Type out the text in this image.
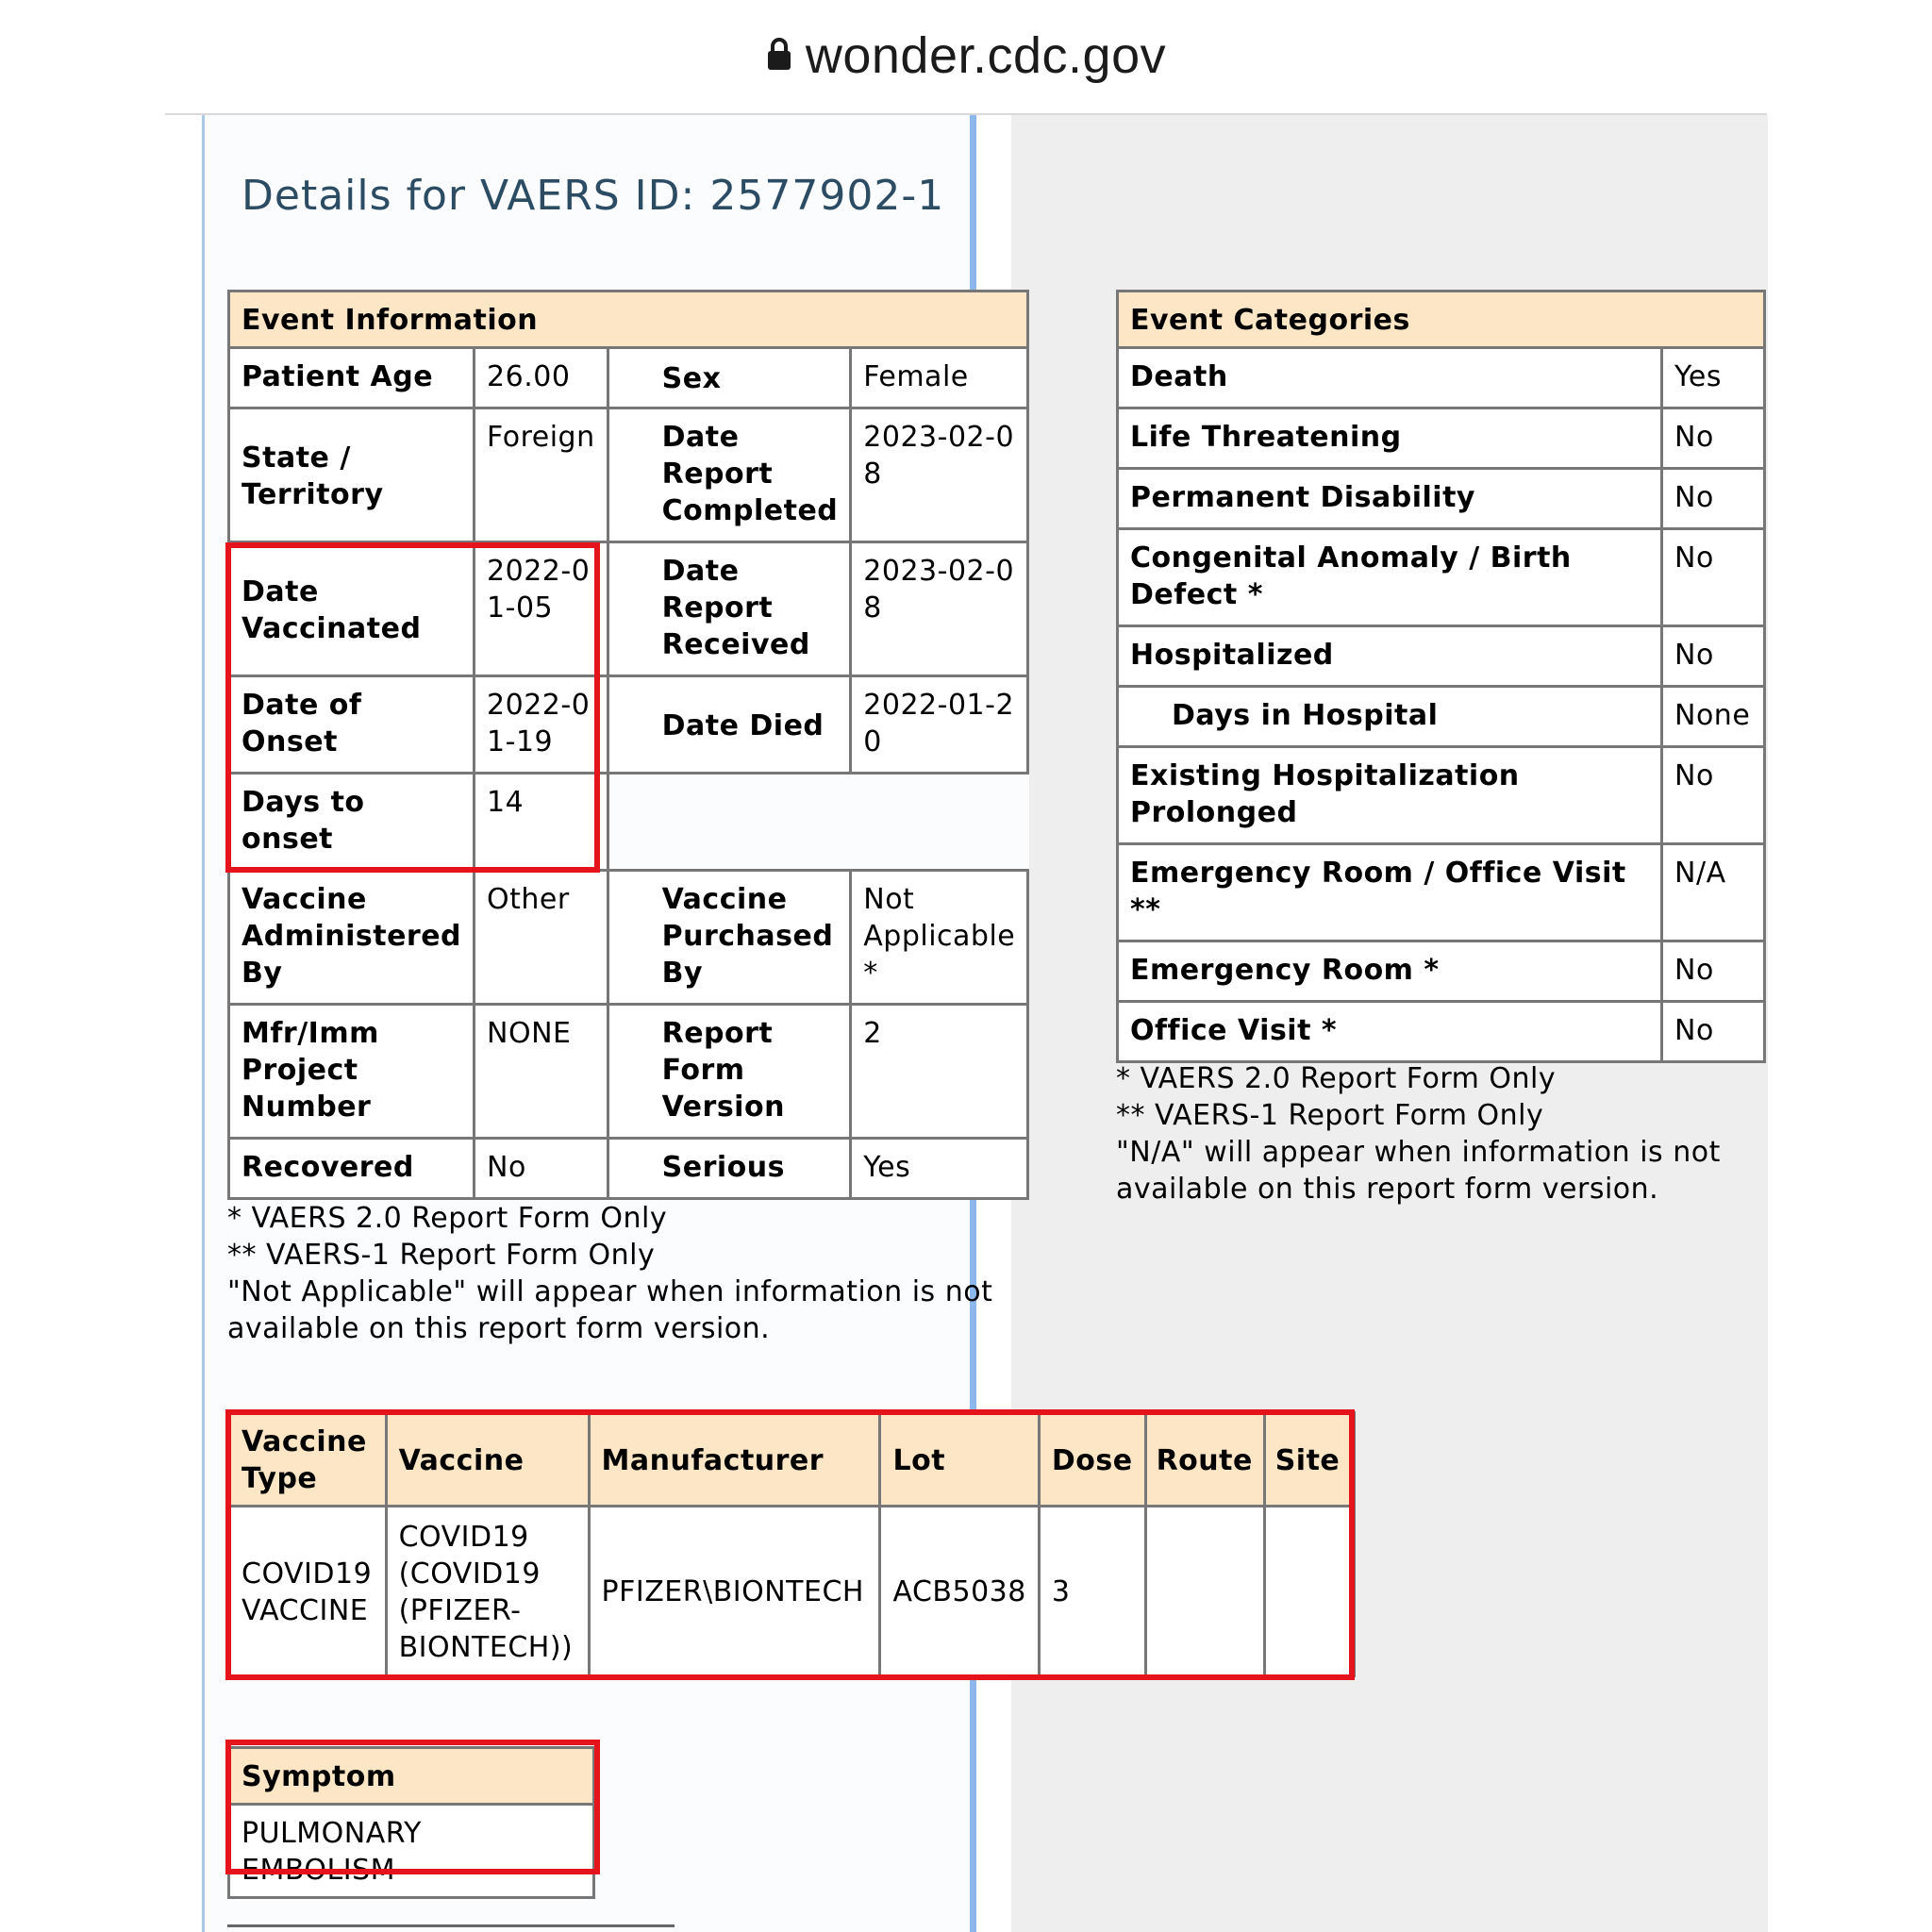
wonder.cdc.gov
Details for VAERS ID: 2577902-1
Event Information			
Patient Age	26.00	Sex	Female
State / Territory	Foreign	Date Report Completed	2023-02-08
Date Vaccinated	2022-01-05	Date Report Received	2023-02-08
Date of Onset	2022-01-19	Date Died	2022-01-20
Days to onset	14		
Vaccine Administered By	Other	Vaccine Purchased By	Not Applicable *
Mfr/Imm Project Number	NONE	Report Form Version	2
Recovered	No	Serious	Yes
* VAERS 2.0 Report Form Only
** VAERS-1 Report Form Only
"Not Applicable" will appear when information is not
available on this report form version.
Event Categories	
Death	Yes
Life Threatening	No
Permanent Disability	No
Congenital Anomaly / Birth Defect *	No
Hospitalized	No
Days in Hospital	None
Existing Hospitalization Prolonged	No
Emergency Room / Office Visit **	N/A
Emergency Room *	No
Office Visit *	No
* VAERS 2.0 Report Form Only
** VAERS-1 Report Form Only
"N/A" will appear when information is not
available on this report form version.
Vaccine Type	Vaccine	Manufacturer	Lot	Dose	Route	Site
COVID19 VACCINE	COVID19 (COVID19 (PFIZER-BIONTECH))	PFIZER\BIONTECH	ACB5038	3		
Symptom
PULMONARY EMBOLISM
